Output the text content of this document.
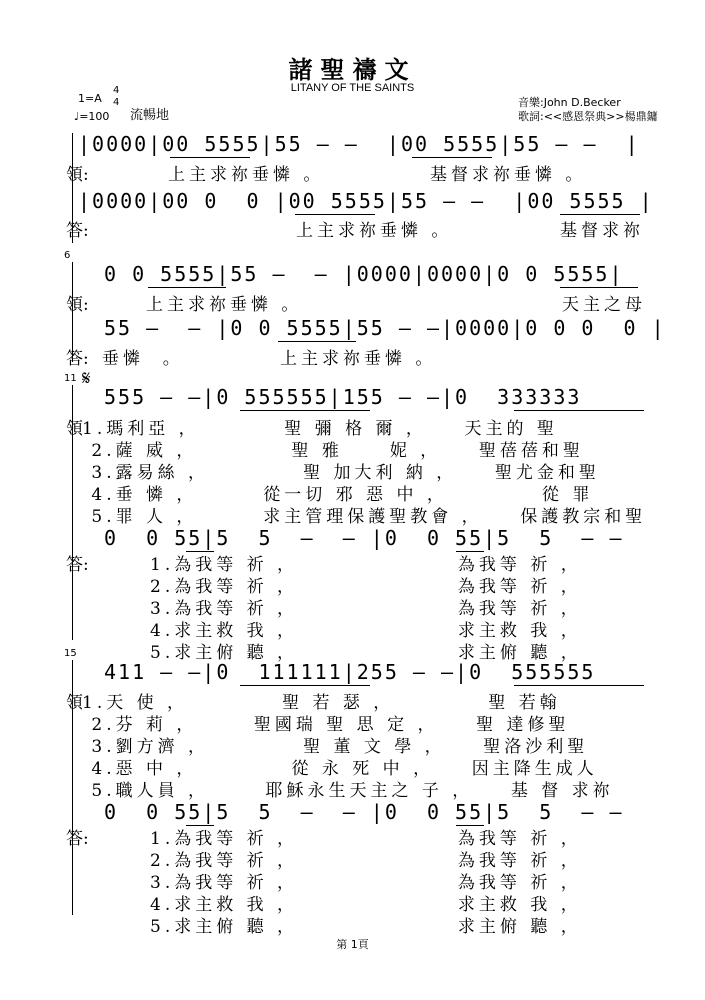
諸聖禱文
LITANY OF THE SAINTS
1=A
4
4
♩=100 流暢地
音樂:John D.Becker
歌詞:<<感恩祭典>>楊鼎鏞
|0000|00 5555|55 – –  |00 5555|55 – –  |
領:	上主求祢垂憐 。	基督求祢垂憐 。
|0000|00 0  0 |00 5555|55 – –  |00 5555 |
答:	上主求祢垂憐 。	基督求祢
6
0 0 5555|55 –  – |0000|0000|0 0 5555|
領:	上主求祢垂憐 。	天主之母
55 –  – |0 0 5555|55 – –|0000|0 0 0  0 |
答: 垂憐  。	上主求祢垂憐 。
11 𝄋
555 – –|0 555555|155 – –|0  333333
領 1.瑪利亞 ，         聖 彌 格 爾 ，    天主的 聖
2.薩 威 ，          聖 雅     妮 ，    聖蓓蓓和聖
3.露易絲 ，          聖 加大利 納 ，    聖尤金和聖
4.垂 憐 ，       從一切 邪 惡 中 ，          從 罪
5.罪 人 ，       求主管理保護聖教會 ，    保護教宗和聖
0  0 55|5  5  –  – |0  0 55|5  5  – –
答:	1.為我等 祈 ，                 為我等 祈 ，
2.為我等 祈 ，                 為我等 祈 ，
3.為我等 祈 ，                 為我等 祈 ，
4.求主救 我 ，                 求主救 我 ，
5.求主俯 聽 ，                 求主俯 聽 ，
15
411 – –|0  111111|255 – –|0  555555
領 1.天 使 ，          聖 若 瑟 ，          聖 若翰
2.芬 莉 ，      聖國瑞 聖 思 定 ，    聖 達修聖
3.劉方濟 ，          聖 董 文 學 ，    聖洛沙利聖
4.惡 中 ，          從 永 死 中 ，    因主降生成人
5.職人員 ，      耶穌永生天主之 子 ，    基 督 求祢
0  0 55|5  5  –  – |0  0 55|5  5  – –
答:	1.為我等 祈 ，                 為我等 祈 ，
2.為我等 祈 ，                 為我等 祈 ，
3.為我等 祈 ，                 為我等 祈 ，
4.求主救 我 ，                 求主救 我 ，
5.求主俯 聽 ，                 求主俯 聽 ，
第 1頁
